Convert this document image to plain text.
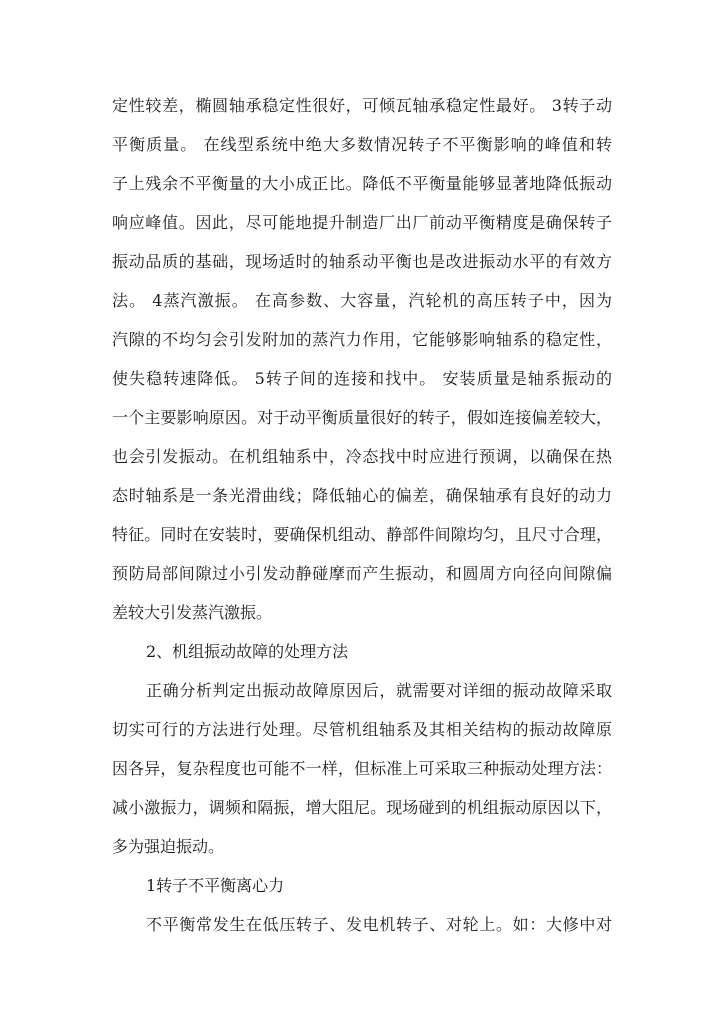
定性较差，椭圆轴承稳定性很好，可倾瓦轴承稳定性最好。 3转子动
平衡质量。 在线型系统中绝大多数情况转子不平衡影响的峰值和转
子上残余不平衡量的大小成正比。降低不平衡量能够显著地降低振动
响应峰值。因此，尽可能地提升制造厂出厂前动平衡精度是确保转子
振动品质的基础，现场适时的轴系动平衡也是改进振动水平的有效方
法。 4蒸汽激振。 在高参数、大容量，汽轮机的高压转子中，因为
汽隙的不均匀会引发附加的蒸汽力作用，它能够影响轴系的稳定性，
使失稳转速降低。 5转子间的连接和找中。 安装质量是轴系振动的
一个主要影响原因。对于动平衡质量很好的转子，假如连接偏差较大，
也会引发振动。在机组轴系中，冷态找中时应进行预调，以确保在热
态时轴系是一条光滑曲线；降低轴心的偏差，确保轴承有良好的动力
特征。同时在安装时，要确保机组动、静部件间隙均匀，且尺寸合理，
预防局部间隙过小引发动静碰摩而产生振动，和圆周方向径向间隙偏
差较大引发蒸汽激振。
2、机组振动故障的处理方法
正确分析判定出振动故障原因后，就需要对详细的振动故障采取
切实可行的方法进行处理。尽管机组轴系及其相关结构的振动故障原
因各异，复杂程度也可能不一样，但标准上可采取三种振动处理方法：
减小激振力，调频和隔振，增大阻尼。现场碰到的机组振动原因以下，
多为强迫振动。
1转子不平衡离心力
不平衡常发生在低压转子、发电机转子、对轮上。如：大修中对
